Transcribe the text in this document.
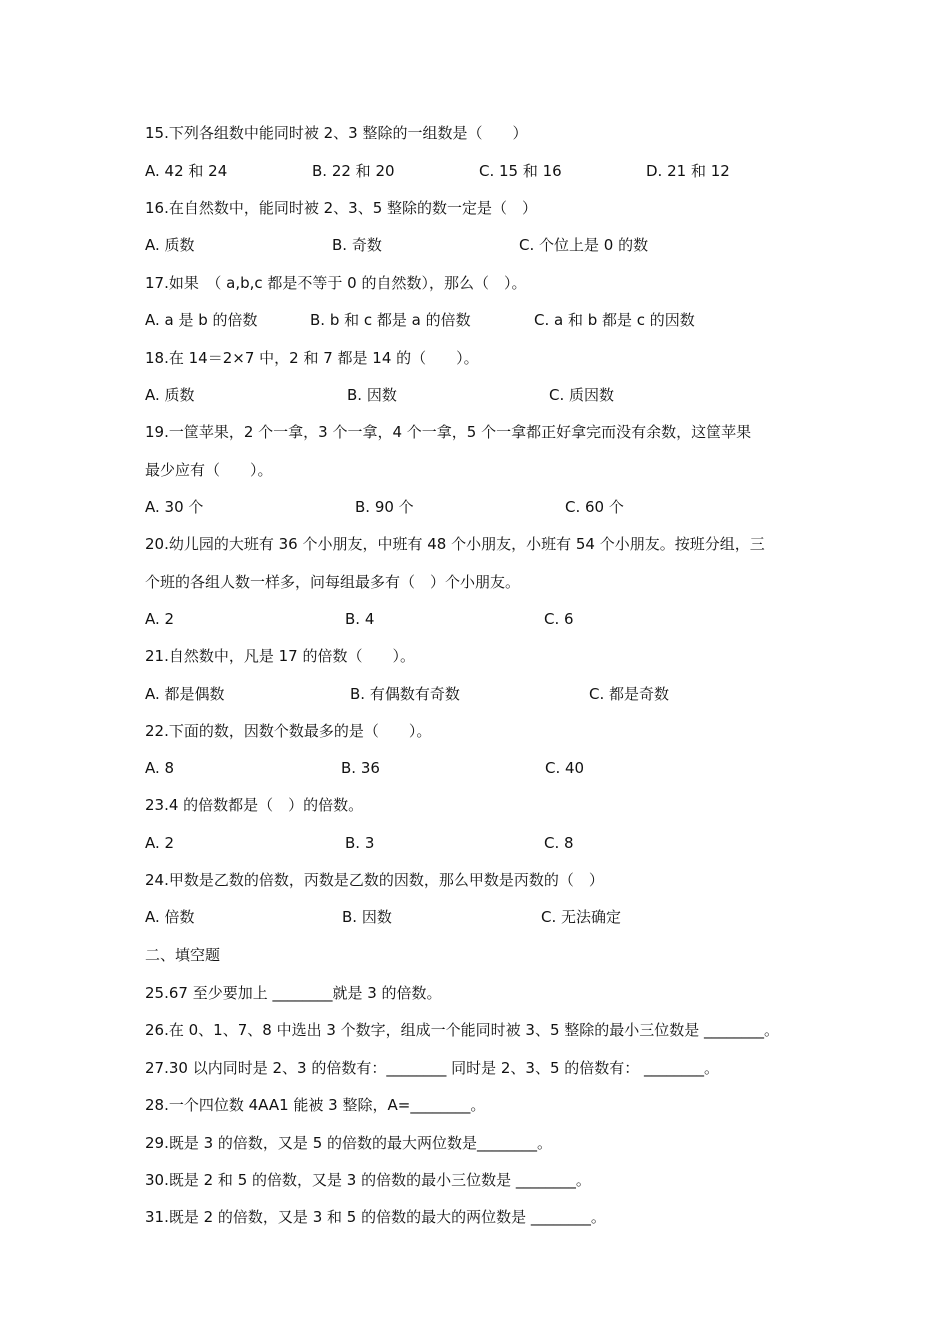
15.下列各组数中能同时被 2、3 整除的一组数是（　　）
A. 42 和 24	B. 22 和 20	C. 15 和 16	D. 21 和 12
16.在自然数中，能同时被 2、3、5 整除的数一定是（　）
A. 质数	B. 奇数	C. 个位上是 0 的数
17.如果　（ a,b,c 都是不等于 0 的自然数），那么（　）。
A. a 是 b 的倍数	B. b 和 c 都是 a 的倍数	C. a 和 b 都是 c 的因数
18.在 14＝2×7 中，2 和 7 都是 14 的（　　）。
A. 质数	B. 因数	C. 质因数
19.一筐苹果，2 个一拿，3 个一拿，4 个一拿，5 个一拿都正好拿完而没有余数，这筐苹果
最少应有（　　）。
A. 30 个	B. 90 个	C. 60 个
20.幼儿园的大班有 36 个小朋友，中班有 48 个小朋友，小班有 54 个小朋友。按班分组，三
个班的各组人数一样多，问每组最多有（　）个小朋友。
A. 2	B. 4	C. 6
21.自然数中，凡是 17 的倍数（　　）。
A. 都是偶数	B. 有偶数有奇数	C. 都是奇数
22.下面的数，因数个数最多的是（　　）。
A. 8	B. 36	C. 40
23.4 的倍数都是（　）的倍数。
A. 2	B. 3	C. 8
24.甲数是乙数的倍数，丙数是乙数的因数，那么甲数是丙数的（　）
A. 倍数	B. 因数	C. 无法确定
二、填空题
25.67 至少要加上 ________就是 3 的倍数。
26.在 0、1、7、8 中选出 3 个数字，组成一个能同时被 3、5 整除的最小三位数是 ________。
27.30 以内同时是 2、3 的倍数有：________ 同时是 2、3、5 的倍数有： ________。
28.一个四位数 4AA1 能被 3 整除，A=________。
29.既是 3 的倍数，又是 5 的倍数的最大两位数是________。
30.既是 2 和 5 的倍数，又是 3 的倍数的最小三位数是 ________。
31.既是 2 的倍数，又是 3 和 5 的倍数的最大的两位数是 ________。
